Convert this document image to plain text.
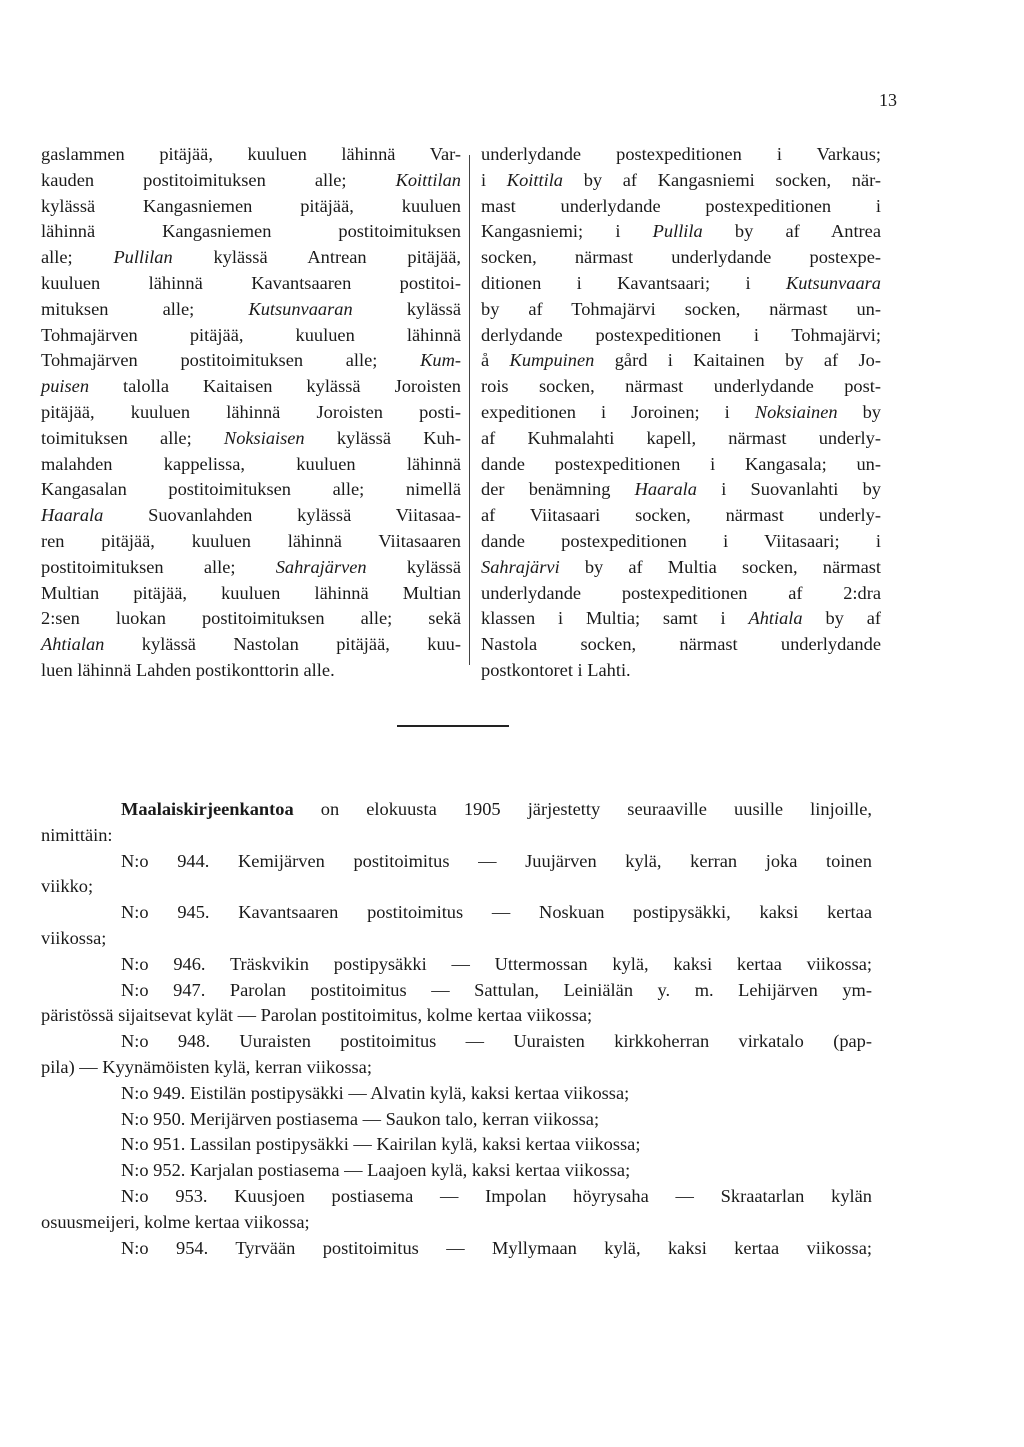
13
gaslammen pitäjää, kuuluen lähinnä Var-
kauden postitoimituksen alle; Koittilan
kylässä Kangasniemen pitäjää, kuuluen
lähinnä Kangasniemen postitoimituksen
alle; Pullilan kylässä Antrean pitäjää,
kuuluen lähinnä Kavantsaaren postitoi-
mituksen alle; Kutsunvaaran kylässä
Tohmajärven pitäjää, kuuluen lähinnä
Tohmajärven postitoimituksen alle; Kum-
puisen talolla Kaitaisen kylässä Joroisten
pitäjää, kuuluen lähinnä Joroisten posti-
toimituksen alle; Noksiaisen kylässä Kuh-
malahden kappelissa, kuuluen lähinnä
Kangasalan postitoimituksen alle; nimellä
Haarala Suovanlahden kylässä Viitasaa-
ren pitäjää, kuuluen lähinnä Viitasaaren
postitoimituksen alle; Sahrajärven kylässä
Multian pitäjää, kuuluen lähinnä Multian
2:sen luokan postitoimituksen alle; sekä
Ahtialan kylässä Nastolan pitäjää, kuu-
luen lähinnä Lahden postikonttorin alle.
underlydande postexpeditionen i Varkaus;
i Koittila by af Kangasniemi socken, när-
mast underlydande postexpeditionen i
Kangasniemi; i Pullila by af Antrea
socken, närmast underlydande postexpe-
ditionen i Kavantsaari; i Kutsunvaara
by af Tohmajärvi socken, närmast un-
derlydande postexpeditionen i Tohmajärvi;
å Kumpuinen gård i Kaitainen by af Jo-
rois socken, närmast underlydande post-
expeditionen i Joroinen; i Noksiainen by
af Kuhmalahti kapell, närmast underly-
dande postexpeditionen i Kangasala; un-
der benämning Haarala i Suovanlahti by
af Viitasaari socken, närmast underly-
dande postexpeditionen i Viitasaari; i
Sahrajärvi by af Multia socken, närmast
underlydande postexpeditionen af 2:dra
klassen i Multia; samt i Ahtiala by af
Nastola socken, närmast underlydande
postkontoret i Lahti.
Maalaiskirjeenkantoa on elokuusta 1905 järjestetty seuraaville uusille linjoille,
nimittäin:
N:o 944. Kemijärven postitoimitus — Juujärven kylä, kerran joka toinen
viikko;
N:o 945. Kavantsaaren postitoimitus — Noskuan postipysäkki, kaksi kertaa
viikossa;
N:o 946. Träskvikin postipysäkki — Uttermossan kylä, kaksi kertaa viikossa;
N:o 947. Parolan postitoimitus — Sattulan, Leiniälän y. m. Lehijärven ym-
päristössä sijaitsevat kylät — Parolan postitoimitus, kolme kertaa viikossa;
N:o 948. Uuraisten postitoimitus — Uuraisten kirkkoherran virkatalo (pap-
pila) — Kyynämöisten kylä, kerran viikossa;
N:o 949. Eistilän postipysäkki — Alvatin kylä, kaksi kertaa viikossa;
N:o 950. Merijärven postiasema — Saukon talo, kerran viikossa;
N:o 951. Lassilan postipysäkki — Kairilan kylä, kaksi kertaa viikossa;
N:o 952. Karjalan postiasema — Laajoen kylä, kaksi kertaa viikossa;
N:o 953. Kuusjoen postiasema — Impolan höyrysaha — Skraatarlan kylän
osuusmeijeri, kolme kertaa viikossa;
N:o 954. Tyrvään postitoimitus — Myllymaan kylä, kaksi kertaa viikossa;
